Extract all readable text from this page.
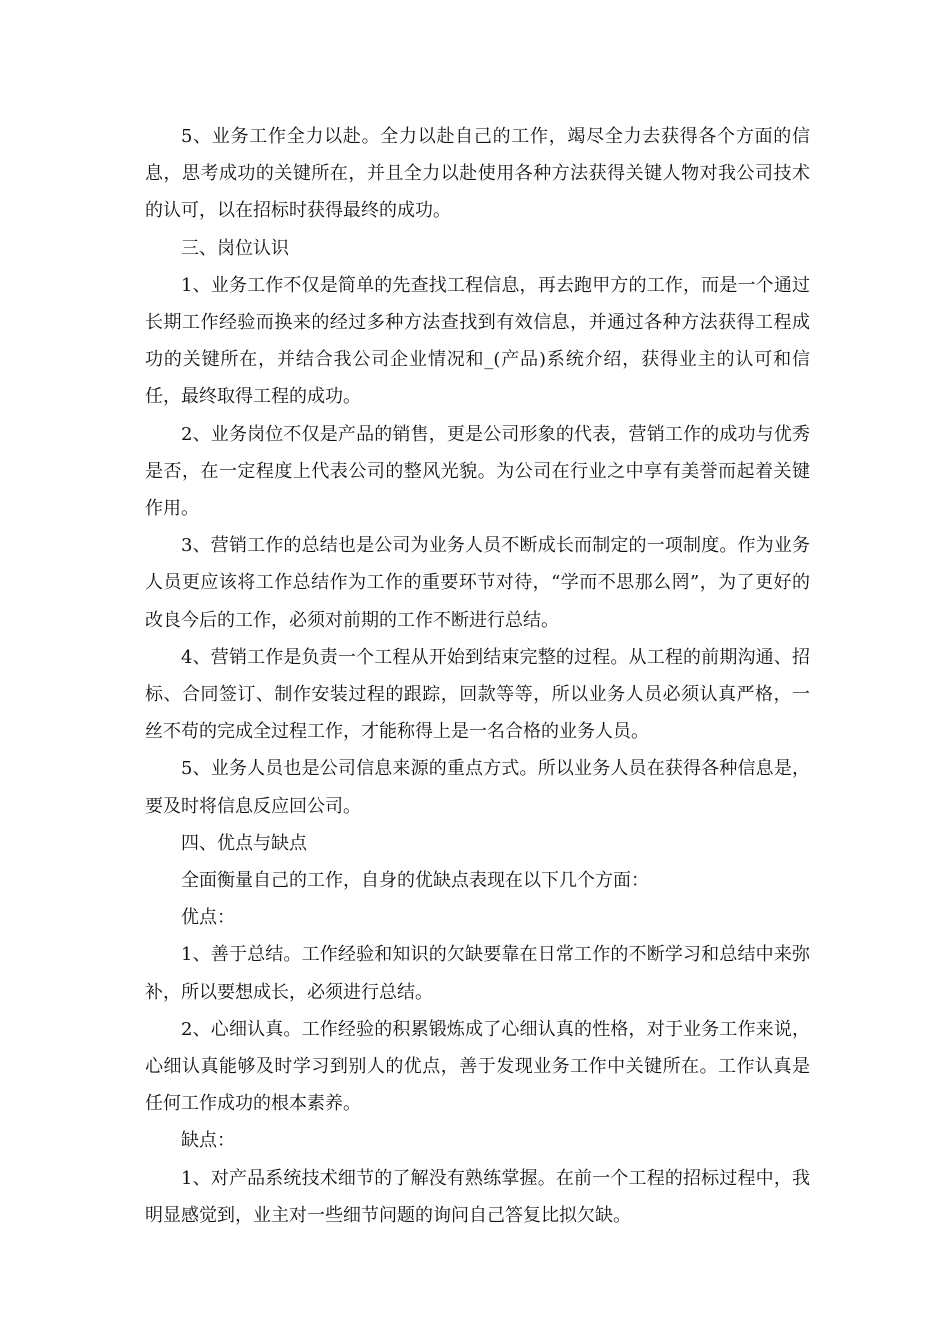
5、业务工作全力以赴。全力以赴自己的工作，竭尽全力去获得各个方面的信息，思考成功的关键所在，并且全力以赴使用各种方法获得关键人物对我公司技术的认可，以在招标时获得最终的成功。

三、岗位认识

1、业务工作不仅是简单的先查找工程信息，再去跑甲方的工作，而是一个通过长期工作经验而换来的经过多种方法查找到有效信息，并通过各种方法获得工程成功的关键所在，并结合我公司企业情况和_(产品)系统介绍，获得业主的认可和信任，最终取得工程的成功。

2、业务岗位不仅是产品的销售，更是公司形象的代表，营销工作的成功与优秀是否，在一定程度上代表公司的整风光貌。为公司在行业之中享有美誉而起着关键作用。

3、营销工作的总结也是公司为业务人员不断成长而制定的一项制度。作为业务人员更应该将工作总结作为工作的重要环节对待，“学而不思那么罔”，为了更好的改良今后的工作，必须对前期的工作不断进行总结。

4、营销工作是负责一个工程从开始到结束完整的过程。从工程的前期沟通、招标、合同签订、制作安装过程的跟踪，回款等等，所以业务人员必须认真严格，一丝不苟的完成全过程工作，才能称得上是一名合格的业务人员。

5、业务人员也是公司信息来源的重点方式。所以业务人员在获得各种信息是，要及时将信息反应回公司。

四、优点与缺点

全面衡量自己的工作，自身的优缺点表现在以下几个方面：

优点：

1、善于总结。工作经验和知识的欠缺要靠在日常工作的不断学习和总结中来弥补，所以要想成长，必须进行总结。

2、心细认真。工作经验的积累锻炼成了心细认真的性格，对于业务工作来说，心细认真能够及时学习到别人的优点，善于发现业务工作中关键所在。工作认真是任何工作成功的根本素养。

缺点：

1、对产品系统技术细节的了解没有熟练掌握。在前一个工程的招标过程中，我明显感觉到，业主对一些细节问题的询问自己答复比拟欠缺。
